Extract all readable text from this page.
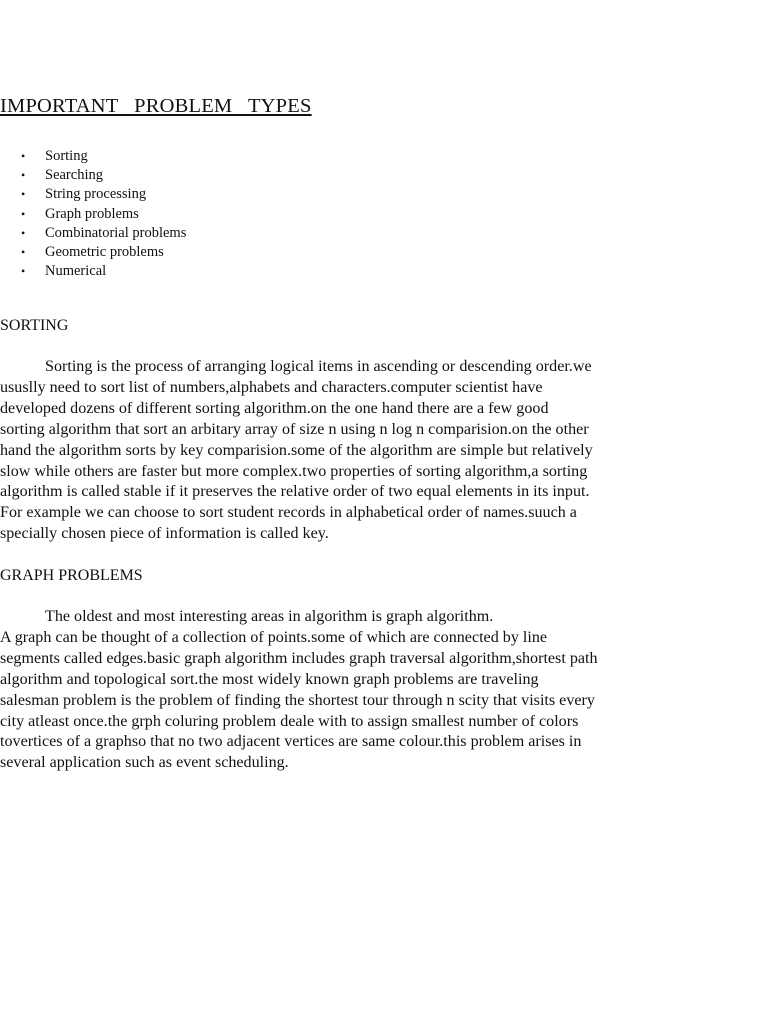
IMPORTANT   PROBLEM   TYPES
• Sorting
• Searching
• String processing
• Graph problems
• Combinatorial problems
• Geometric problems
• Numerical
SORTING

Sorting is the process of arranging logical items in ascending or descending order.we
ususlly need to sort list of numbers,alphabets and characters.computer scientist have
developed dozens of different sorting algorithm.on the one hand there are a few good
sorting algorithm that sort an arbitary array of size n using n log n comparision.on the other
hand the algorithm sorts by key comparision.some of the algorithm are simple but relatively
slow while others are faster but more complex.two properties of sorting algorithm,a sorting
algorithm is called stable if it preserves the relative order of two equal elements in its input.
For example we can choose to sort student records in alphabetical order of names.suuch a
specially chosen piece of information is called key.

GRAPH PROBLEMS

The oldest and most interesting areas in algorithm is graph algorithm.
A graph can be thought of a collection of points.some of which are connected by line
segments called edges.basic graph algorithm includes graph traversal algorithm,shortest path
algorithm and topological sort.the most widely known graph problems are traveling
salesman problem is the problem of finding the shortest tour through n scity that visits every
city atleast once.the grph coluring problem deale with to assign smallest number of colors
tovertices of a graphso that no two adjacent vertices are same colour.this problem arises in
several application such as event scheduling.
